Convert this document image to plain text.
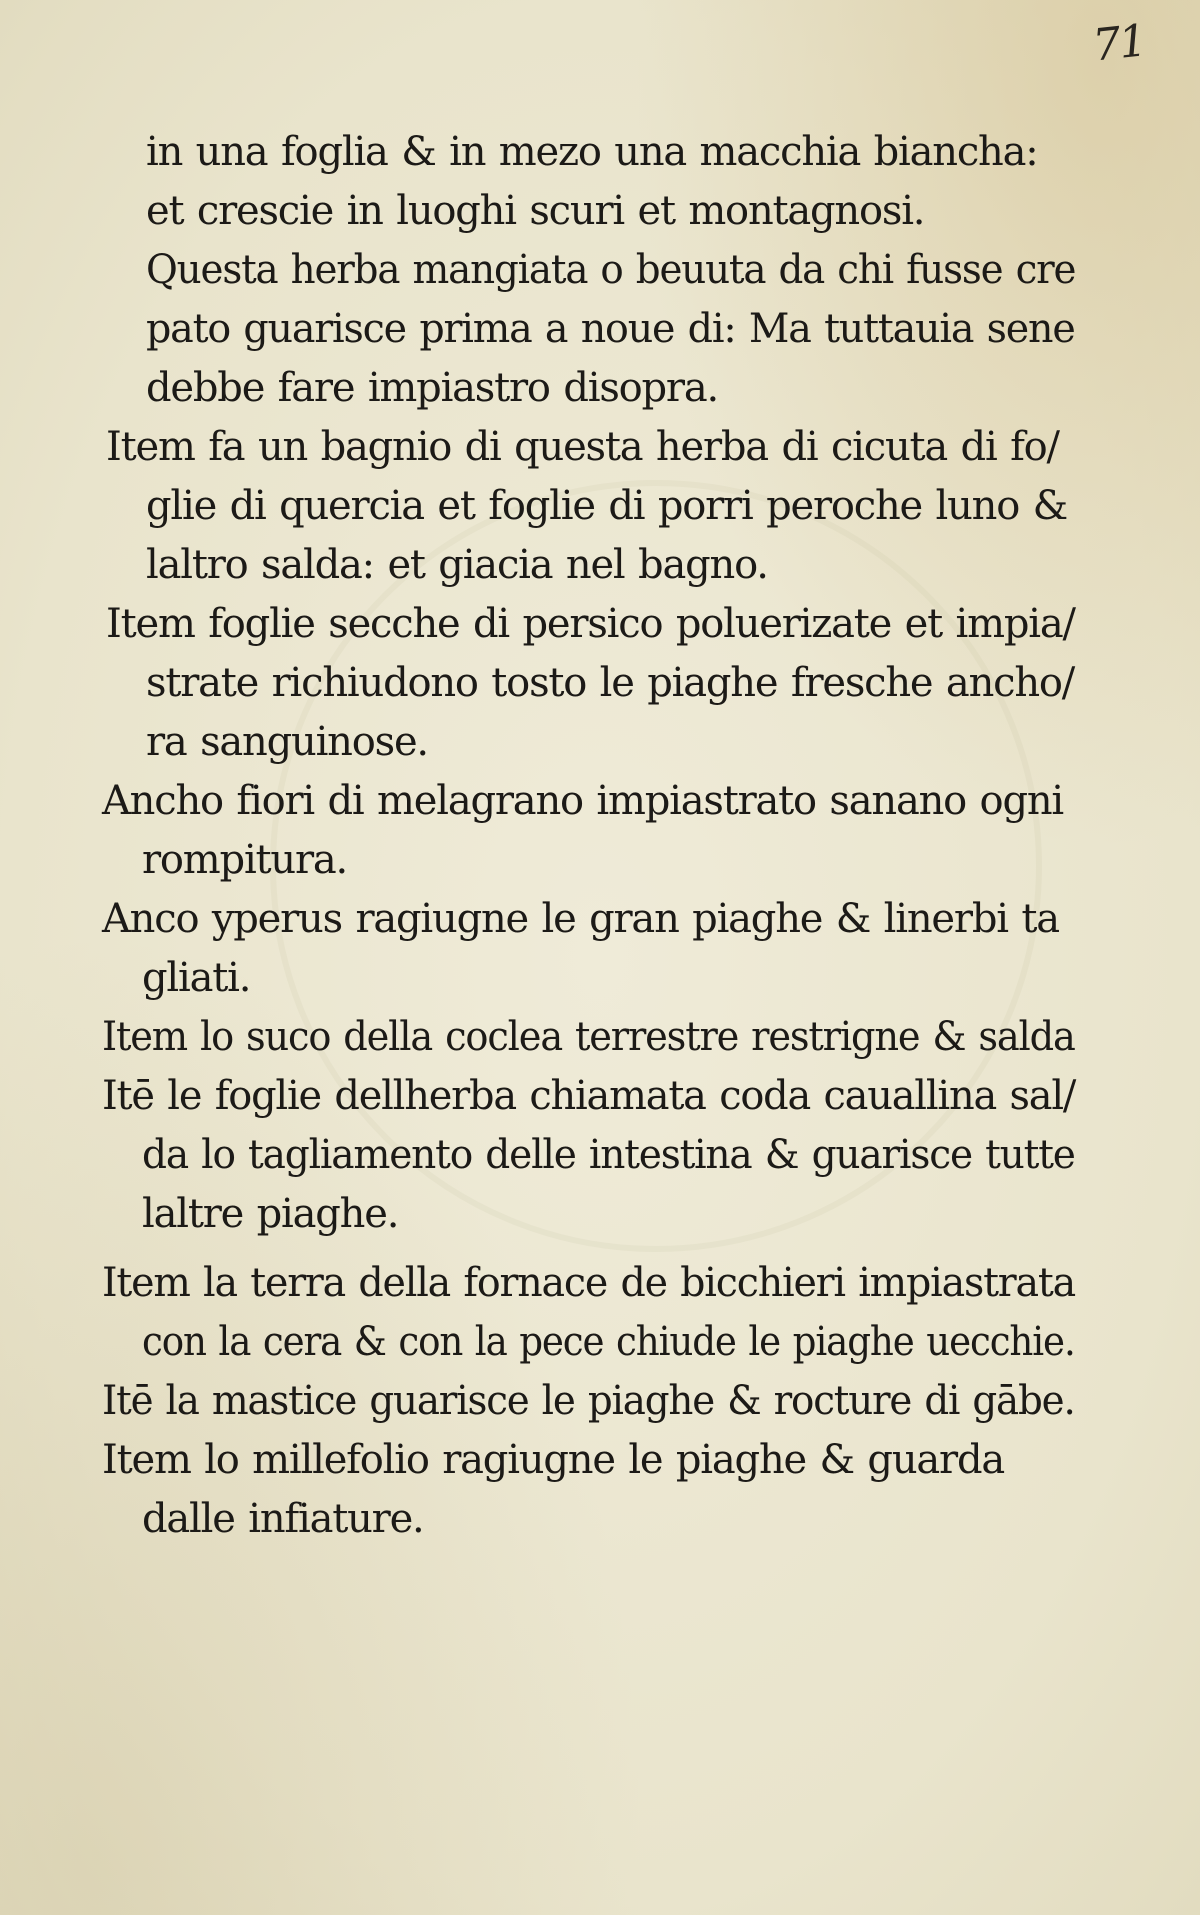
71
in una foglia & in mezo una macchia biancha:
et crescie in luoghi scuri et montagnosi.
Questa herba mangiata o beuuta da chi fusse cre
pato guarisce prima a noue di: Ma tuttauia sene
debbe fare impiastro disopra.
Item fa un bagnio di questa herba di cicuta di fo/
glie di quercia et foglie di porri peroche luno &
laltro salda: et giacia nel bagno.
Item foglie secche di persico poluerizate et impia/
strate richiudono tosto le piaghe fresche ancho/
ra sanguinose.
Ancho fiori di melagrano impiastrato sanano ogni
rompitura.
Anco yperus ragiugne le gran piaghe & linerbi ta
gliati.
Item lo suco della coclea terrestre restrigne & salda
Itē le foglie dellherba chiamata coda cauallina sal/
da lo tagliamento delle intestina & guarisce tutte
laltre piaghe.
Item la terra della fornace de bicchieri impiastrata
con la cera & con la pece chiude le piaghe uecchie.
Itē la mastice guarisce le piaghe & rocture di gābe.
Item lo millefolio ragiugne le piaghe & guarda
dalle infiature.
